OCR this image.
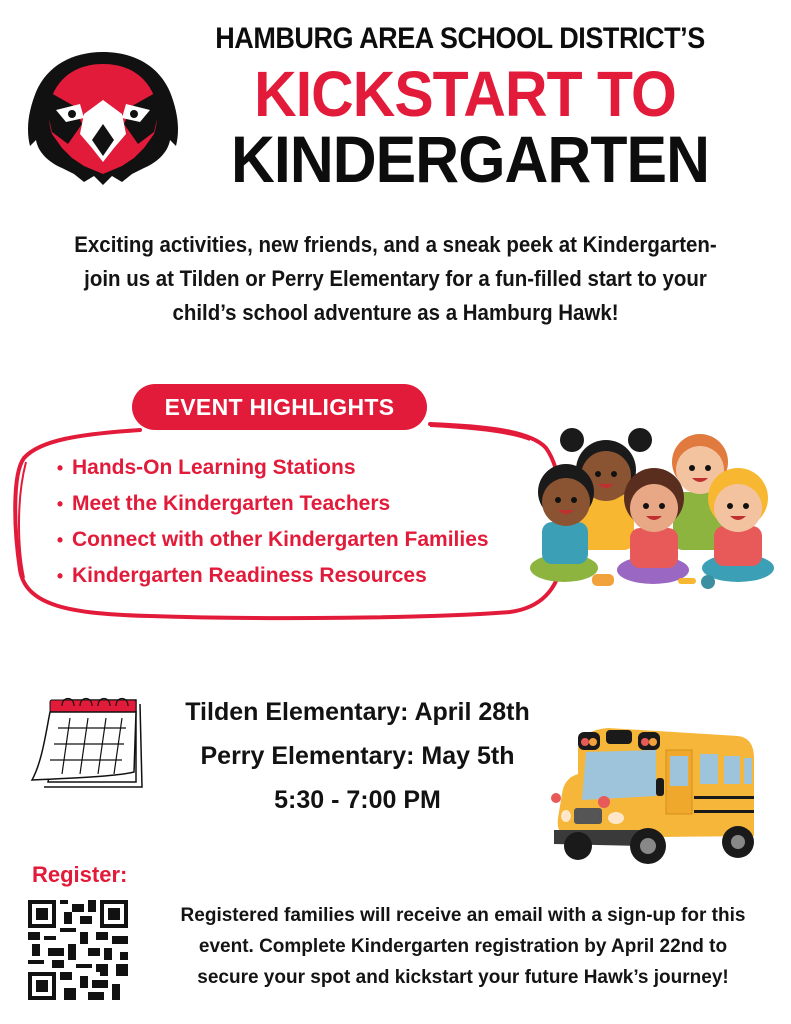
HAMBURG AREA SCHOOL DISTRICT’S
KICKSTART TO
KINDERGARTEN
Exciting activities, new friends, and a sneak peek at Kindergarten-
join us at Tilden or Perry Elementary for a fun-filled start to your
child’s school adventure as a Hamburg Hawk!
EVENT HIGHLIGHTS
• Hands-On Learning Stations
• Meet the Kindergarten Teachers
• Connect with other Kindergarten Families
• Kindergarten Readiness Resources
Tilden Elementary: April 28th
Perry Elementary: May 5th
5:30 - 7:00 PM
Register:
Registered families will receive an email with a sign-up for this
event. Complete Kindergarten registration by April 22nd to
secure your spot and kickstart your future Hawk’s journey!
